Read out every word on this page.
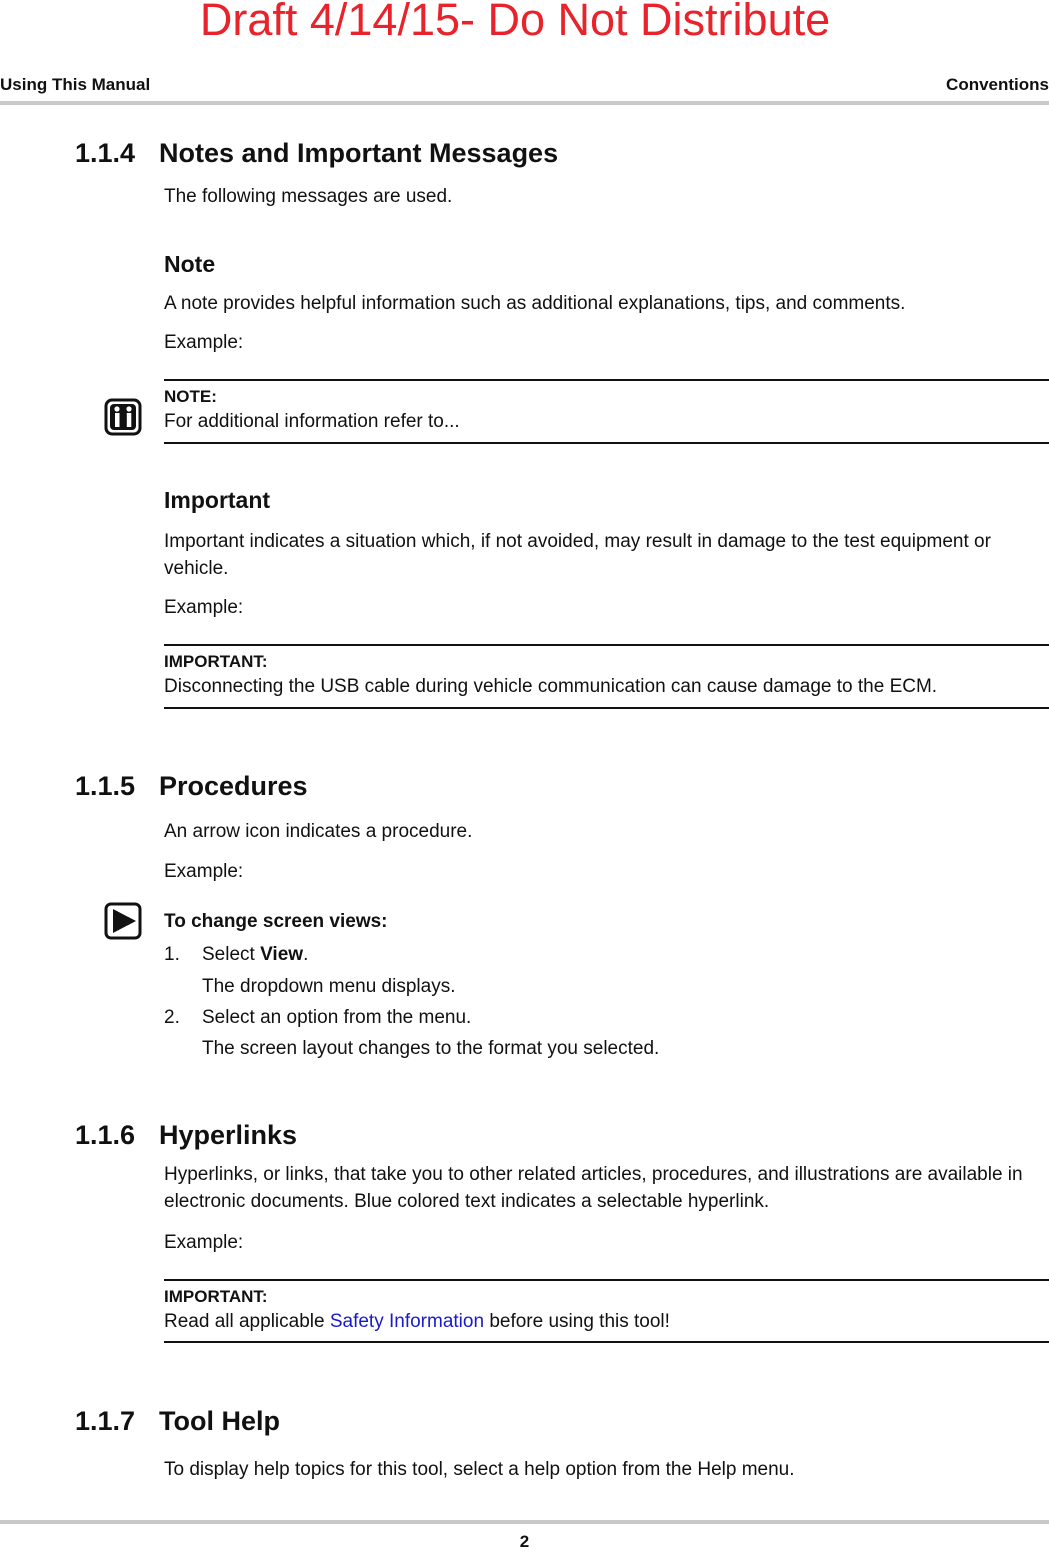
Draft 4/14/15- Do Not Distribute
Using This Manual	Conventions
1.1.4 Notes and Important Messages
The following messages are used.
Note
A note provides helpful information such as additional explanations, tips, and comments.
Example:
NOTE:
For additional information refer to...
Important
Important indicates a situation which, if not avoided, may result in damage to the test equipment or vehicle.
Example:
IMPORTANT:
Disconnecting the USB cable during vehicle communication can cause damage to the ECM.
1.1.5 Procedures
An arrow icon indicates a procedure.
Example:
To change screen views:
1. Select View.
The dropdown menu displays.
2. Select an option from the menu.
The screen layout changes to the format you selected.
1.1.6 Hyperlinks
Hyperlinks, or links, that take you to other related articles, procedures, and illustrations are available in electronic documents. Blue colored text indicates a selectable hyperlink.
Example:
IMPORTANT:
Read all applicable Safety Information before using this tool!
1.1.7 Tool Help
To display help topics for this tool, select a help option from the Help menu.
2
